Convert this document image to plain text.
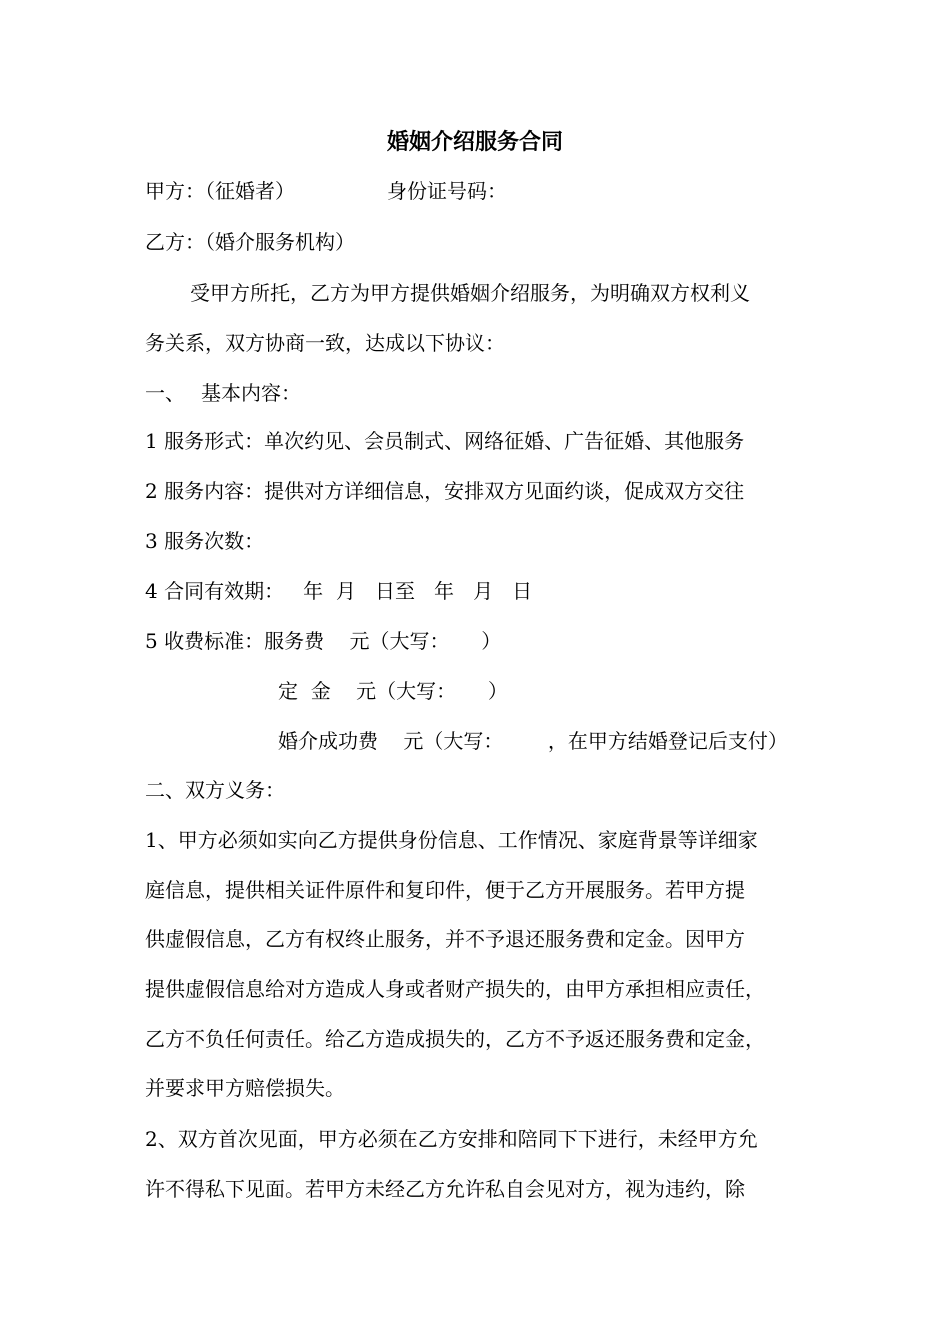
婚姻介绍服务合同
甲方：（征婚者）	身份证号码：
乙方：（婚介服务机构）
受甲方所托，乙方为甲方提供婚姻介绍服务，为明确双方权利义
务关系，双方协商一致，达成以下协议：
一、 基本内容：
1 服务形式：单次约见、会员制式、网络征婚、广告征婚、其他服务
2 服务内容：提供对方详细信息，安排双方见面约谈，促成双方交往
3 服务次数：
4 合同有效期：   年  月   日至   年   月   日
5 收费标准：服务费    元（大写：     ）
定  金    元（大写：     ）
婚介成功费    元（大写：       ，在甲方结婚登记后支付）
二、双方义务：
1、甲方必须如实向乙方提供身份信息、工作情况、家庭背景等详细家
庭信息，提供相关证件原件和复印件，便于乙方开展服务。若甲方提
供虚假信息，乙方有权终止服务，并不予退还服务费和定金。因甲方
提供虚假信息给对方造成人身或者财产损失的，由甲方承担相应责任，
乙方不负任何责任。给乙方造成损失的，乙方不予返还服务费和定金，
并要求甲方赔偿损失。
2、双方首次见面，甲方必须在乙方安排和陪同下下进行，未经甲方允
许不得私下见面。若甲方未经乙方允许私自会见对方，视为违约，除
